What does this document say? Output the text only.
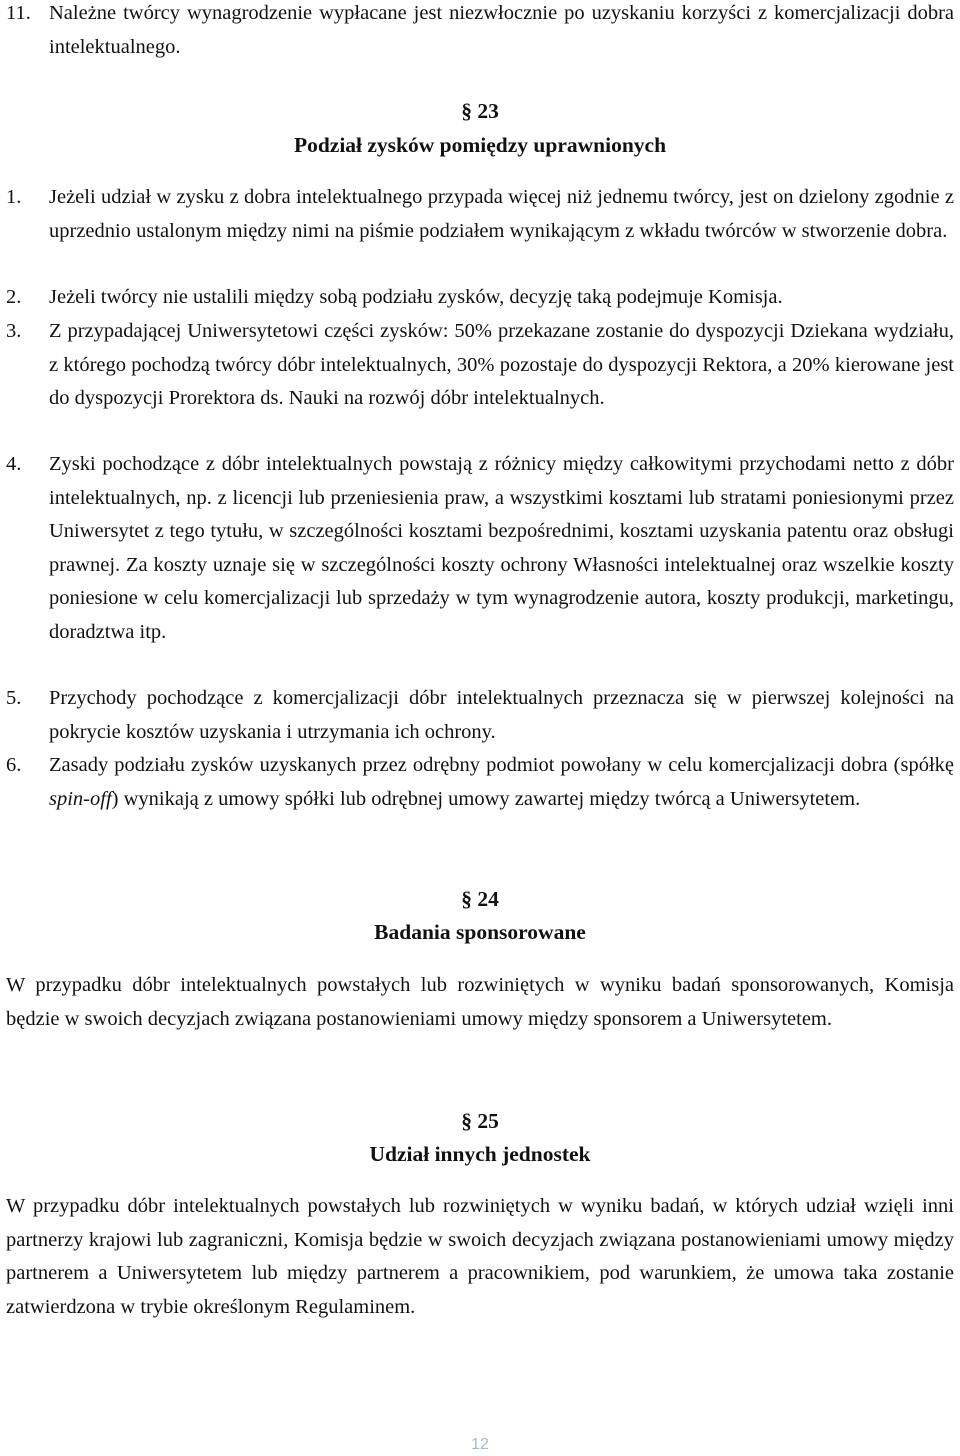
11. Należne twórcy wynagrodzenie wypłacane jest niezwłocznie po uzyskaniu korzyści z komercjalizacji dobra intelektualnego.
§ 23
Podział zysków pomiędzy uprawnionych
1. Jeżeli udział w zysku z dobra intelektualnego przypada więcej niż jednemu twórcy, jest on dzielony zgodnie z uprzednio ustalonym między nimi na piśmie podziałem wynikającym z wkładu twórców w stworzenie dobra.
2. Jeżeli twórcy nie ustalili między sobą podziału zysków, decyzję taką podejmuje Komisja.
3. Z przypadającej Uniwersytetowi części zysków: 50% przekazane zostanie do dyspozycji Dziekana wydziału, z którego pochodzą twórcy dóbr intelektualnych, 30% pozostaje do dyspozycji Rektora, a 20% kierowane jest do dyspozycji Prorektora ds. Nauki na rozwój dóbr intelektualnych.
4. Zyski pochodzące z dóbr intelektualnych powstają z różnicy między całkowitymi przychodami netto z dóbr intelektualnych, np. z licencji lub przeniesienia praw, a wszystkimi kosztami lub stratami poniesionymi przez Uniwersytet z tego tytułu, w szczególności kosztami bezpośrednimi, kosztami uzyskania patentu oraz obsługi prawnej. Za koszty uznaje się w szczególności koszty ochrony Własności intelektualnej oraz wszelkie koszty poniesione w celu komercjalizacji lub sprzedaży w tym wynagrodzenie autora, koszty produkcji, marketingu, doradztwa itp.
5. Przychody pochodzące z komercjalizacji dóbr intelektualnych przeznacza się w pierwszej kolejności na pokrycie kosztów uzyskania i utrzymania ich ochrony.
6. Zasady podziału zysków uzyskanych przez odrębny podmiot powołany w celu komercjalizacji dobra (spółkę spin-off) wynikają z umowy spółki lub odrębnej umowy zawartej między twórcą a Uniwersytetem.
§ 24
Badania sponsorowane
W przypadku dóbr intelektualnych powstałych lub rozwiniętych w wyniku badań sponsorowanych, Komisja będzie w swoich decyzjach związana postanowieniami umowy między sponsorem a Uniwersytetem.
§ 25
Udział innych jednostek
W przypadku dóbr intelektualnych powstałych lub rozwiniętych w wyniku badań, w których udział wzięli inni partnerzy krajowi lub zagraniczni, Komisja będzie w swoich decyzjach związana postanowieniami umowy między partnerem a Uniwersytetem lub między partnerem a pracownikiem, pod warunkiem, że umowa taka zostanie zatwierdzona w trybie określonym Regulaminem.
12
